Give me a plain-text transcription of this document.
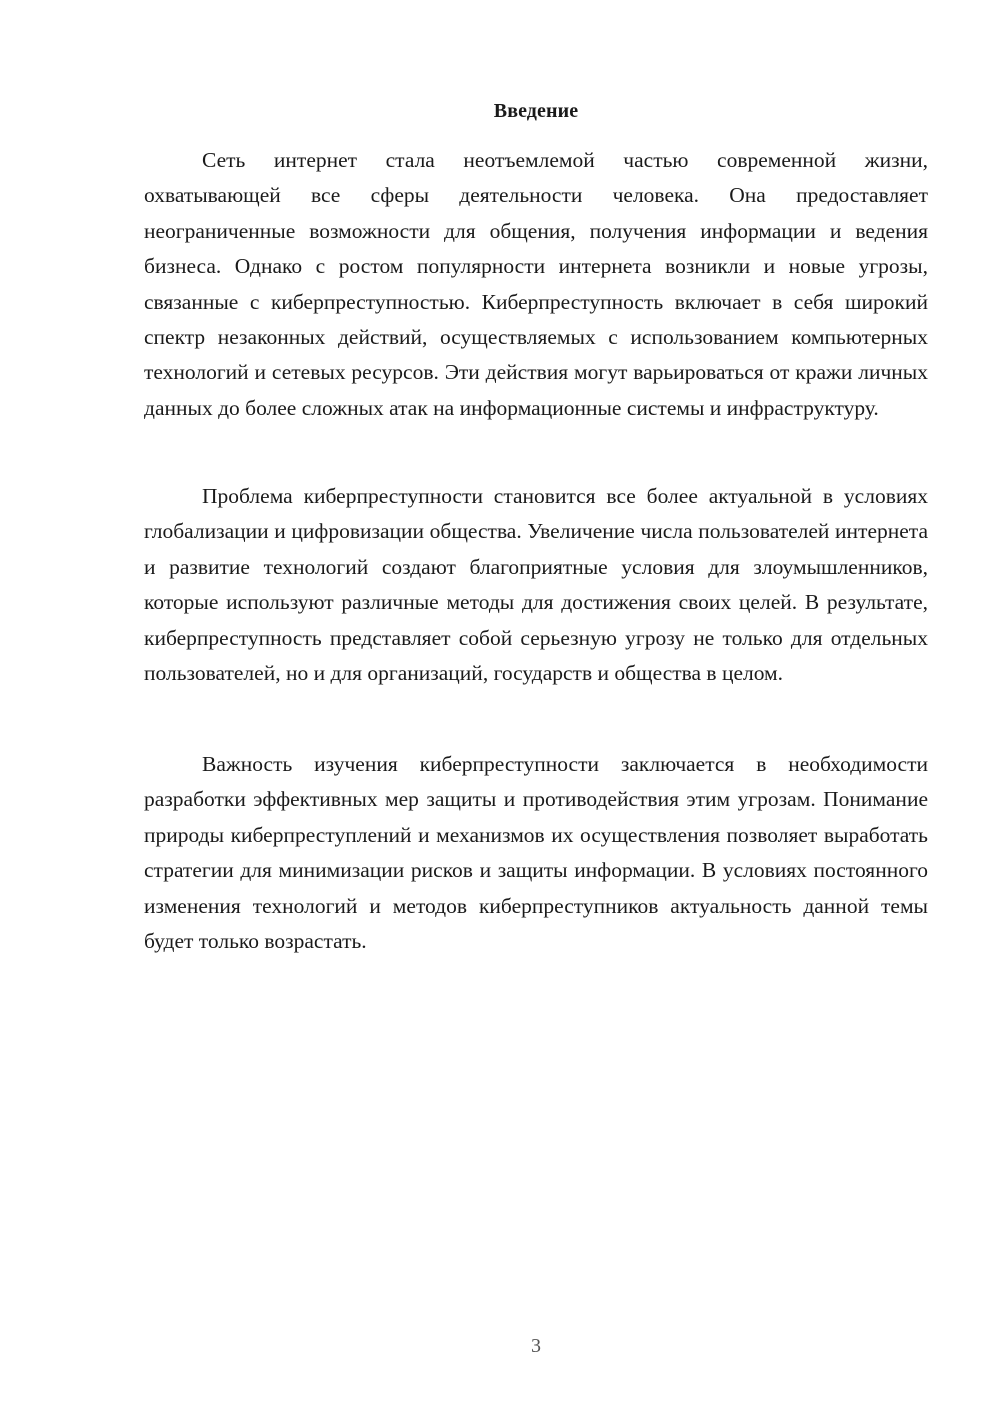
Введение

Сеть интернет стала неотъемлемой частью современной жизни, охватывающей все сферы деятельности человека. Она предоставляет неограниченные возможности для общения, получения информации и ведения бизнеса. Однако с ростом популярности интернета возникли и новые угрозы, связанные с киберпреступностью. Киберпреступность включает в себя широкий спектр незаконных действий, осуществляемых с использованием компьютерных технологий и сетевых ресурсов. Эти действия могут варьироваться от кражи личных данных до более сложных атак на информационные системы и инфраструктуру.

Проблема киберпреступности становится все более актуальной в условиях глобализации и цифровизации общества. Увеличение числа пользователей интернета и развитие технологий создают благоприятные условия для злоумышленников, которые используют различные методы для достижения своих целей. В результате, киберпреступность представляет собой серьезную угрозу не только для отдельных пользователей, но и для организаций, государств и общества в целом.

Важность изучения киберпреступности заключается в необходимости разработки эффективных мер защиты и противодействия этим угрозам. Понимание природы киберпреступлений и механизмов их осуществления позволяет выработать стратегии для минимизации рисков и защиты информации. В условиях постоянного изменения технологий и методов киберпреступников актуальность данной темы будет только возрастать.

3
